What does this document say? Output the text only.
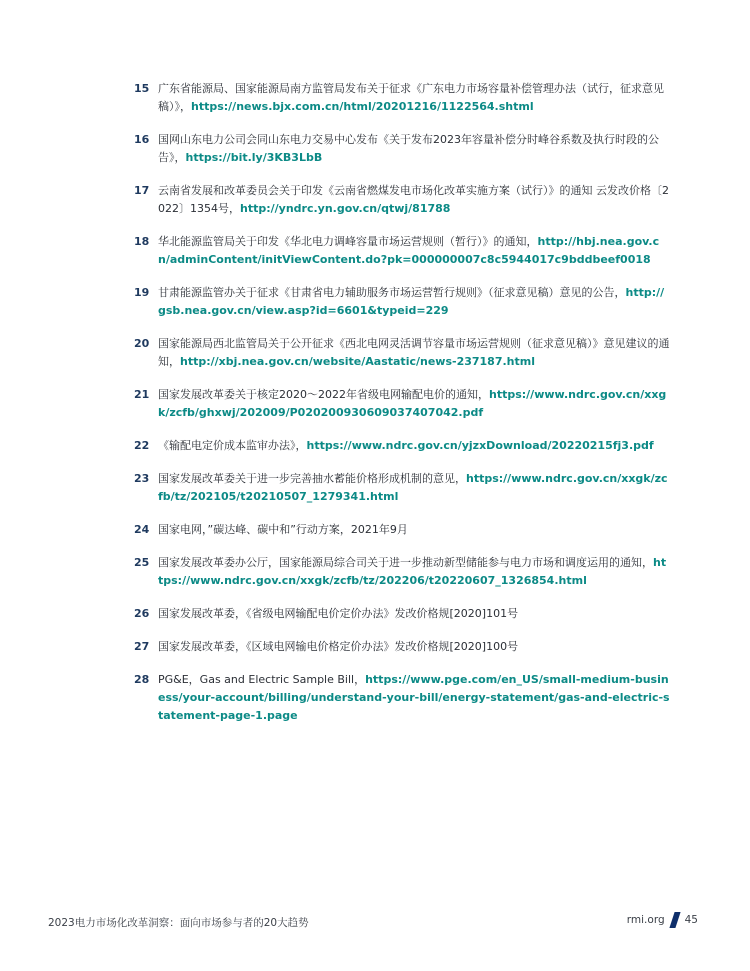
15 广东省能源局、国家能源局南方监管局发布关于征求《广东电力市场容量补偿管理办法（试行，征求意见稿）》，https://news.bjx.com.cn/html/20201216/1122564.shtml
16 国网山东电力公司会同山东电力交易中心发布《关于发布2023年容量补偿分时峰谷系数及执行时段的公告》，https://bit.ly/3KB3LbB
17 云南省发展和改革委员会关于印发《云南省燃煤发电市场化改革实施方案（试行）》的通知 云发改价格〔2022〕1354号，http://yndrc.yn.gov.cn/qtwj/81788
18 华北能源监管局关于印发《华北电力调峰容量市场运营规则（暂行）》的通知，http://hbj.nea.gov.cn/adminContent/initViewContent.do?pk=000000007c8c5944017c9bddbeef0018
19 甘肃能源监管办关于征求《甘肃省电力辅助服务市场运营暂行规则》（征求意见稿）意见的公告，http://gsb.nea.gov.cn/view.asp?id=6601&typeid=229
20 国家能源局西北监管局关于公开征求《西北电网灵活调节容量市场运营规则（征求意见稿）》意见建议的通知，http://xbj.nea.gov.cn/website/Aastatic/news-237187.html
21 国家发展改革委关于核定2020～2022年省级电网输配电价的通知，https://www.ndrc.gov.cn/xxgk/zcfb/ghxwj/202009/P020200930609037407042.pdf
22 《输配电定价成本监审办法》，https://www.ndrc.gov.cn/yjzxDownload/20220215fj3.pdf
23 国家发展改革委关于进一步完善抽水蓄能价格形成机制的意见，https://www.ndrc.gov.cn/xxgk/zcfb/tz/202105/t20210507_1279341.html
24 国家电网，”碳达峰、碳中和”行动方案，2021年9月
25 国家发展改革委办公厅，国家能源局综合司关于进一步推动新型储能参与电力市场和调度运用的通知，https://www.ndrc.gov.cn/xxgk/zcfb/tz/202206/t20220607_1326854.html
26 国家发展改革委，《省级电网输配电价定价办法》发改价格规[2020]101号
27 国家发展改革委，《区域电网输电价格定价办法》发改价格规[2020]100号
28 PG&E，Gas and Electric Sample Bill，https://www.pge.com/en_US/small-medium-business/your-account/billing/understand-your-bill/energy-statement/gas-and-electric-statement-page-1.page
2023电力市场化改革洞察：面向市场参与者的20大趋势	rmi.org 45
